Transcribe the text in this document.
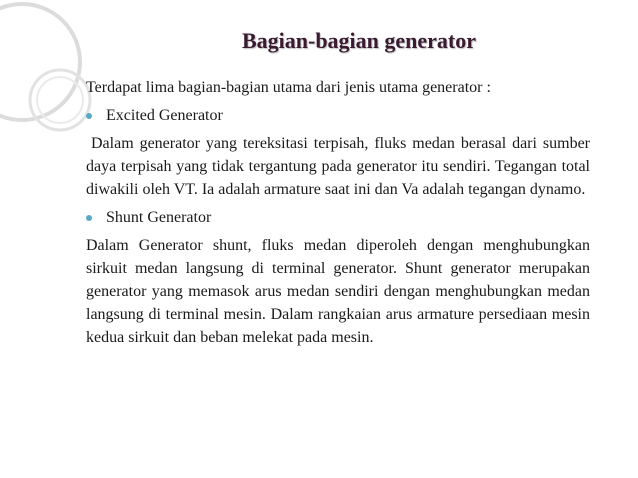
Bagian-bagian generator

Terdapat lima bagian-bagian utama dari jenis utama generator :

Excited Generator

Dalam generator yang tereksitasi terpisah, fluks medan berasal dari sumber daya terpisah yang tidak tergantung pada generator itu sendiri. Tegangan total diwakili oleh VT. Ia adalah armature saat ini dan Va adalah tegangan dynamo.

Shunt Generator

Dalam Generator shunt, fluks medan diperoleh dengan menghubungkan sirkuit medan langsung di terminal generator. Shunt generator merupakan generator yang memasok arus medan sendiri dengan menghubungkan medan langsung di terminal mesin. Dalam rangkaian arus armature persediaan mesin kedua sirkuit dan beban melekat pada mesin.
